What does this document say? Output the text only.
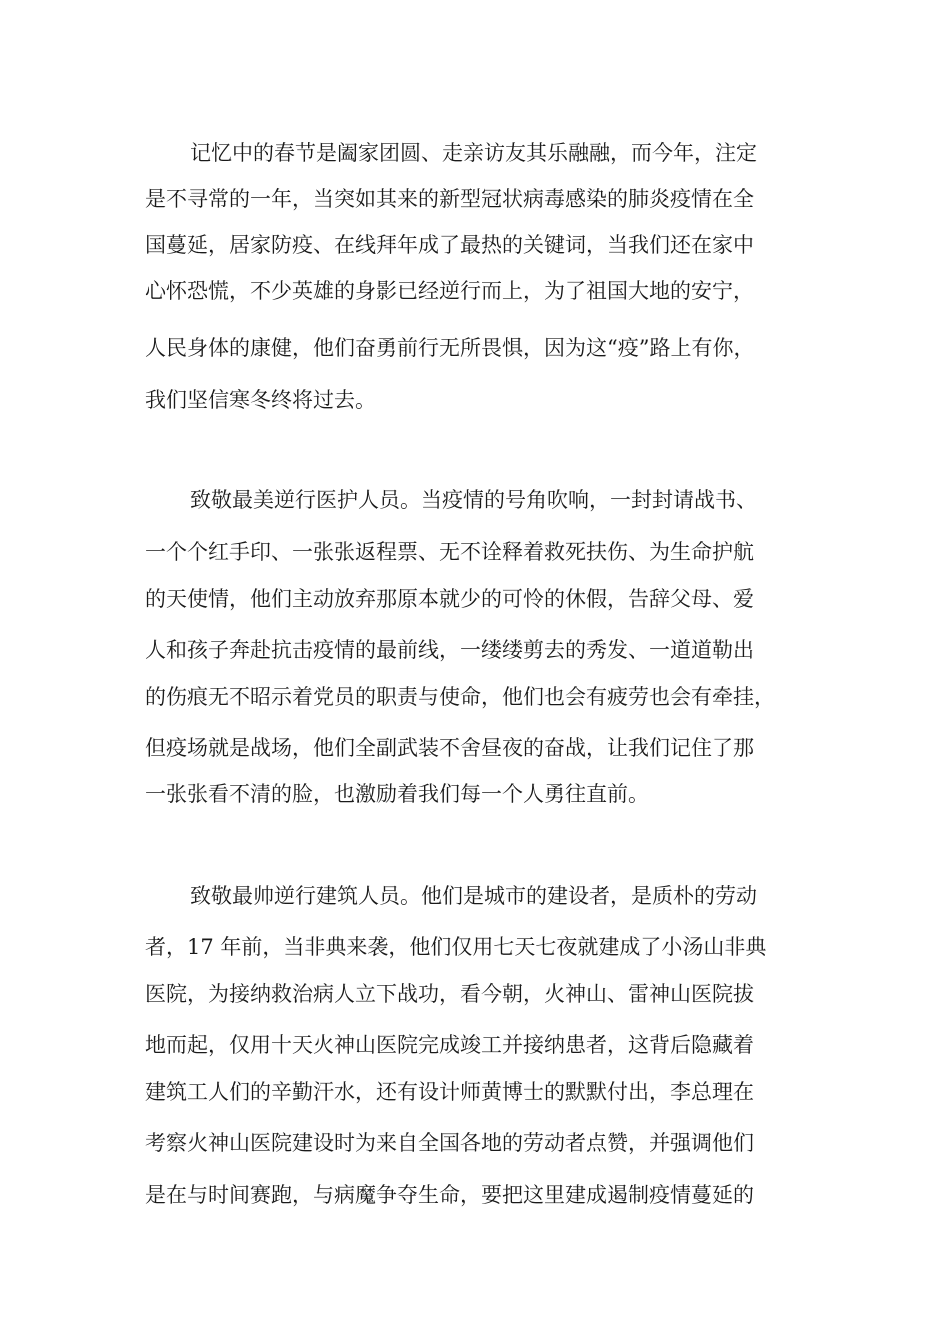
记忆中的春节是阖家团圆、走亲访友其乐融融，而今年，注定

是不寻常的一年，当突如其来的新型冠状病毒感染的肺炎疫情在全

国蔓延，居家防疫、在线拜年成了最热的关键词，当我们还在家中

心怀恐慌，不少英雄的身影已经逆行而上，为了祖国大地的安宁，

人民身体的康健，他们奋勇前行无所畏惧，因为这“疫”路上有你，

我们坚信寒冬终将过去。

致敬最美逆行医护人员。当疫情的号角吹响，一封封请战书、

一个个红手印、一张张返程票、无不诠释着救死扶伤、为生命护航

的天使情，他们主动放弃那原本就少的可怜的休假，告辞父母、爱

人和孩子奔赴抗击疫情的最前线，一缕缕剪去的秀发、一道道勒出

的伤痕无不昭示着党员的职责与使命，他们也会有疲劳也会有牵挂，

但疫场就是战场，他们全副武装不舍昼夜的奋战，让我们记住了那

一张张看不清的脸，也激励着我们每一个人勇往直前。

致敬最帅逆行建筑人员。他们是城市的建设者，是质朴的劳动

者，17 年前，当非典来袭，他们仅用七天七夜就建成了小汤山非典

医院，为接纳救治病人立下战功，看今朝，火神山、雷神山医院拔

地而起，仅用十天火神山医院完成竣工并接纳患者，这背后隐藏着

建筑工人们的辛勤汗水，还有设计师黄博士的默默付出，李总理在

考察火神山医院建设时为来自全国各地的劳动者点赞，并强调他们

是在与时间赛跑，与病魔争夺生命，要把这里建成遏制疫情蔓延的
